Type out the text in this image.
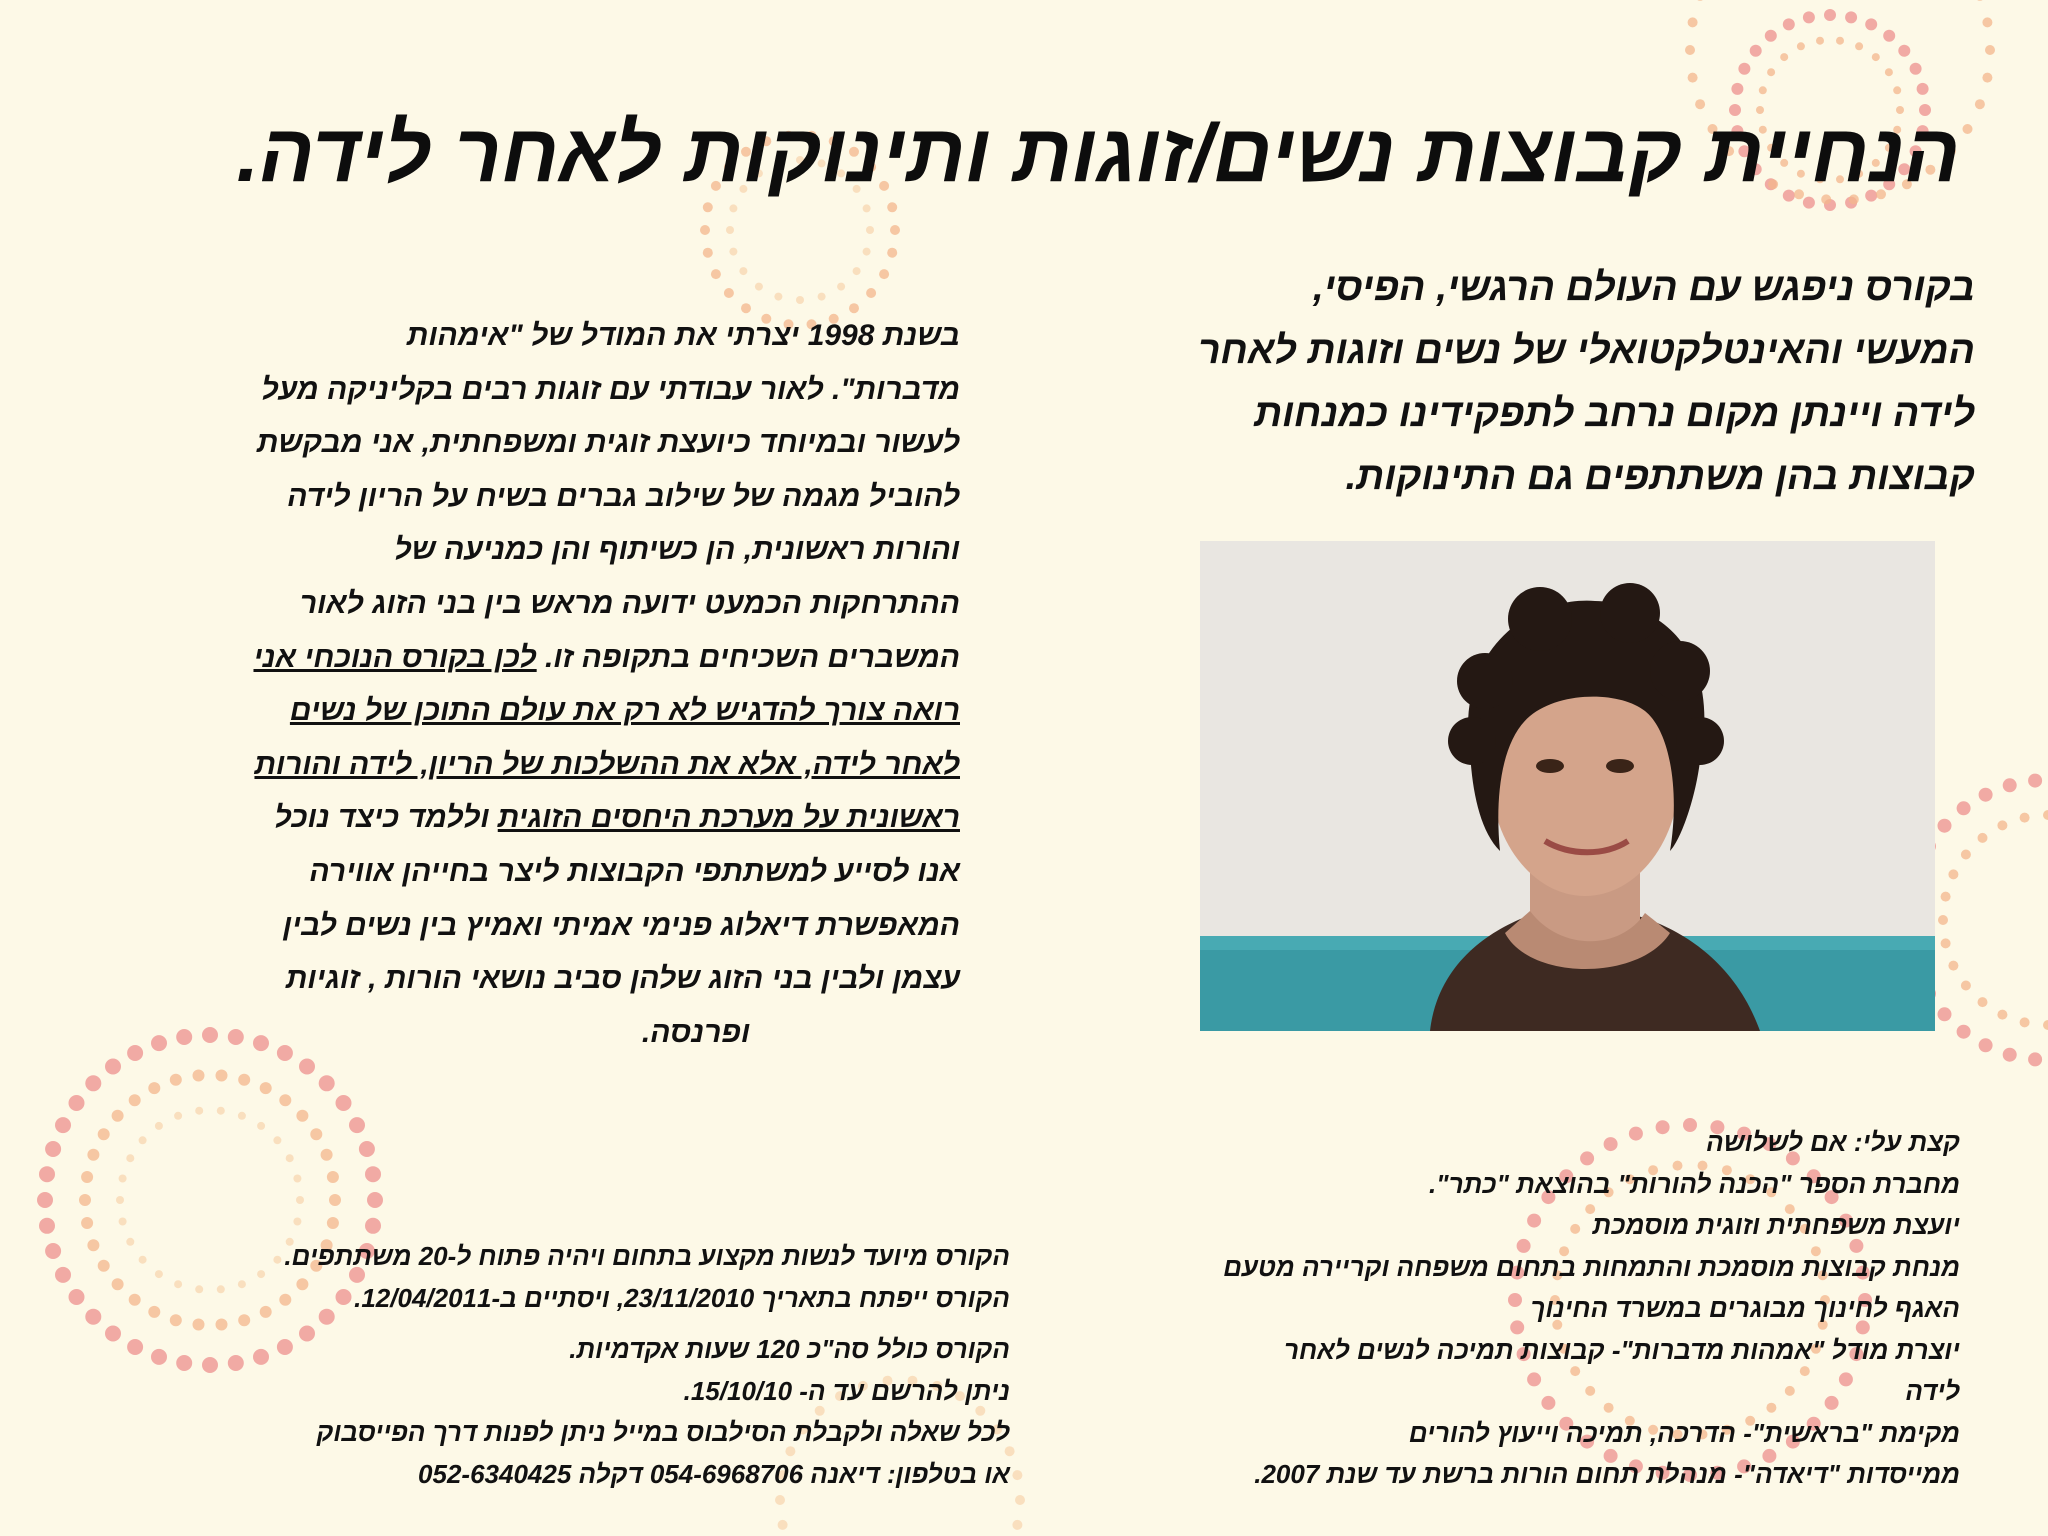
הנחיית קבוצות נשים/זוגות ותינוקות לאחר לידה.

בקורס ניפגש עם העולם הרגשי, הפיסי,
המעשי והאינטלקטואלי של נשים וזוגות לאחר
לידה ויינתן מקום נרחב לתפקידינו כמנחות
קבוצות בהן משתתפים גם התינוקות.

בשנת 1998 יצרתי את המודל של "אימהות
מדברות". לאור עבודתי עם זוגות רבים בקליניקה מעל
לעשור ובמיוחד כיועצת זוגית ומשפחתית, אני מבקשת
להוביל מגמה של שילוב גברים בשיח על הריון לידה
והורות ראשונית, הן כשיתוף והן כמניעה של
ההתרחקות הכמעט ידועה מראש בין בני הזוג לאור
המשברים השכיחים בתקופה זו. לכן בקורס הנוכחי אני
רואה צורך להדגיש לא רק את עולם התוכן של נשים
לאחר לידה, אלא את ההשלכות של הריון, לידה והורות
ראשונית על מערכת היחסים הזוגית וללמד כיצד נוכל
אנו לסייע למשתתפי הקבוצות ליצר בחייהן אווירה
המאפשרת דיאלוג פנימי אמיתי ואמיץ בין נשים לבין
עצמן ולבין בני הזוג שלהן סביב נושאי הורות , זוגיות
ופרנסה.
קצת עלי: אם לשלושה
מחברת הספר "הכנה להורות" בהוצאת "כתר".
יועצת משפחתית וזוגית מוסמכת
מנחת קבוצות מוסמכת והתמחות בתחום משפחה וקריירה מטעם
האגף לחינוך מבוגרים במשרד החינוך
יוצרת מודל "אמהות מדברות"- קבוצות תמיכה לנשים לאחר
לידה
מקימת "בראשית"- הדרכה, תמיכה וייעוץ להורים
ממייסדות "דיאדה"- מנהלת תחום הורות ברשת עד שנת 2007.
הקורס מיועד לנשות מקצוע בתחום ויהיה פתוח ל-20 משתתפים.
הקורס ייפתח בתאריך 23/11/2010, ויסתיים ב-12/04/2011.
הקורס כולל סה"כ 120 שעות אקדמיות.
ניתן להרשם עד ה- 15/10/10.
לכל שאלה ולקבלת הסילבוס במייל ניתן לפנות דרך הפייסבוק
או בטלפון: דיאנה 054-6968706 דקלה 052-6340425
